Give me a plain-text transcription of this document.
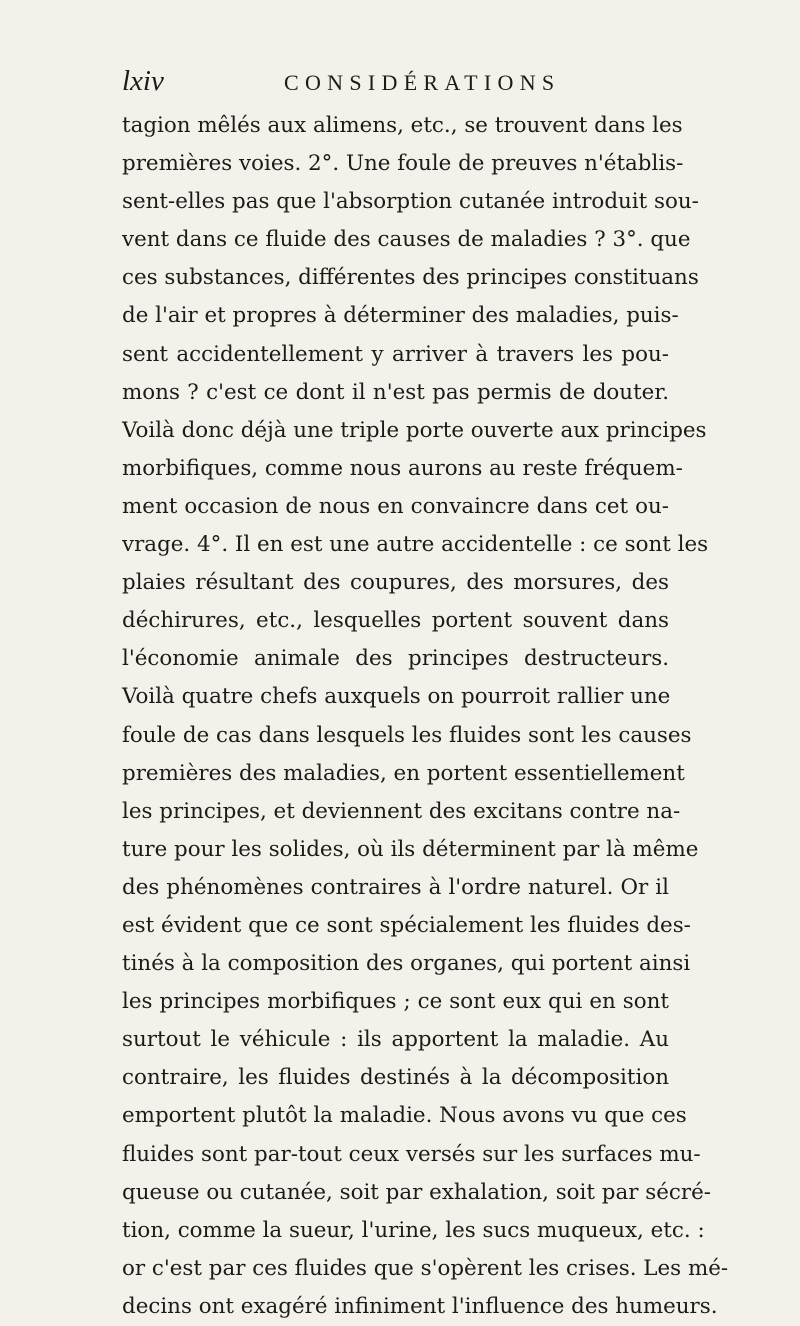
lxiv	CONSIDÉRATIONS
tagion mêlés aux alimens, etc., se trouvent dans les
premières voies. 2°. Une foule de preuves n'établis-
sent-elles pas que l'absorption cutanée introduit sou-
vent dans ce fluide des causes de maladies ? 3°. que
ces substances, différentes des principes constituans
de l'air et propres à déterminer des maladies, puis-
sent accidentellement y arriver à travers les pou-
mons ? c'est ce dont il n'est pas permis de douter.
Voilà donc déjà une triple porte ouverte aux principes
morbifiques, comme nous aurons au reste fréquem-
ment occasion de nous en convaincre dans cet ou-
vrage. 4°. Il en est une autre accidentelle : ce sont les
plaies résultant des coupures, des morsures, des
déchirures, etc., lesquelles portent souvent dans
l'économie animale des principes destructeurs.
Voilà quatre chefs auxquels on pourroit rallier une
foule de cas dans lesquels les fluides sont les causes
premières des maladies, en portent essentiellement
les principes, et deviennent des excitans contre na-
ture pour les solides, où ils déterminent par là même
des phénomènes contraires à l'ordre naturel. Or il
est évident que ce sont spécialement les fluides des-
tinés à la composition des organes, qui portent ainsi
les principes morbifiques ; ce sont eux qui en sont
surtout le véhicule : ils apportent la maladie. Au
contraire, les fluides destinés à la décomposition
emportent plutôt la maladie. Nous avons vu que ces
fluides sont par-tout ceux versés sur les surfaces mu-
queuse ou cutanée, soit par exhalation, soit par sécré-
tion, comme la sueur, l'urine, les sucs muqueux, etc. :
or c'est par ces fluides que s'opèrent les crises. Les mé-
decins ont exagéré infiniment l'influence des humeurs.
